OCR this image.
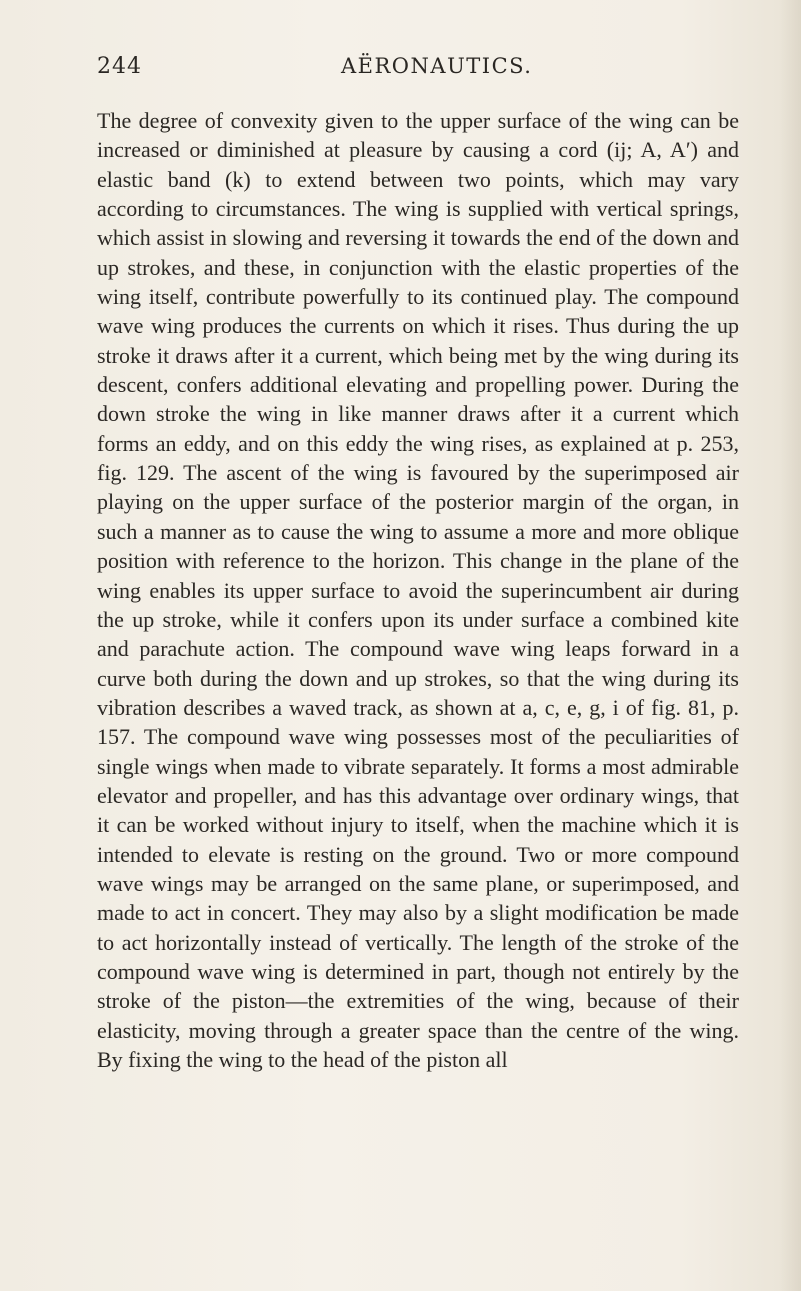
244	AËRONAUTICS.

The degree of convexity given to the upper surface of the wing can be increased or diminished at pleasure by causing a cord (ij; A, A′) and elastic band (k) to extend between two points, which may vary according to circumstances. The wing is supplied with vertical springs, which assist in slowing and reversing it towards the end of the down and up strokes, and these, in conjunction with the elastic properties of the wing itself, contribute powerfully to its continued play. The compound wave wing produces the currents on which it rises. Thus during the up stroke it draws after it a current, which being met by the wing during its descent, confers additional elevating and propelling power. During the down stroke the wing in like manner draws after it a current which forms an eddy, and on this eddy the wing rises, as explained at p. 253, fig. 129. The ascent of the wing is favoured by the superimposed air playing on the upper surface of the posterior margin of the organ, in such a manner as to cause the wing to assume a more and more oblique position with reference to the horizon. This change in the plane of the wing enables its upper surface to avoid the superincumbent air during the up stroke, while it confers upon its under surface a combined kite and parachute action. The compound wave wing leaps forward in a curve both during the down and up strokes, so that the wing during its vibration describes a waved track, as shown at a, c, e, g, i of fig. 81, p. 157. The compound wave wing possesses most of the peculiarities of single wings when made to vibrate separately. It forms a most admirable elevator and propeller, and has this advantage over ordinary wings, that it can be worked without injury to itself, when the machine which it is intended to elevate is resting on the ground. Two or more compound wave wings may be arranged on the same plane, or superimposed, and made to act in concert. They may also by a slight modification be made to act horizontally instead of vertically. The length of the stroke of the compound wave wing is determined in part, though not entirely by the stroke of the piston—the extremities of the wing, because of their elasticity, moving through a greater space than the centre of the wing. By fixing the wing to the head of the piston all
